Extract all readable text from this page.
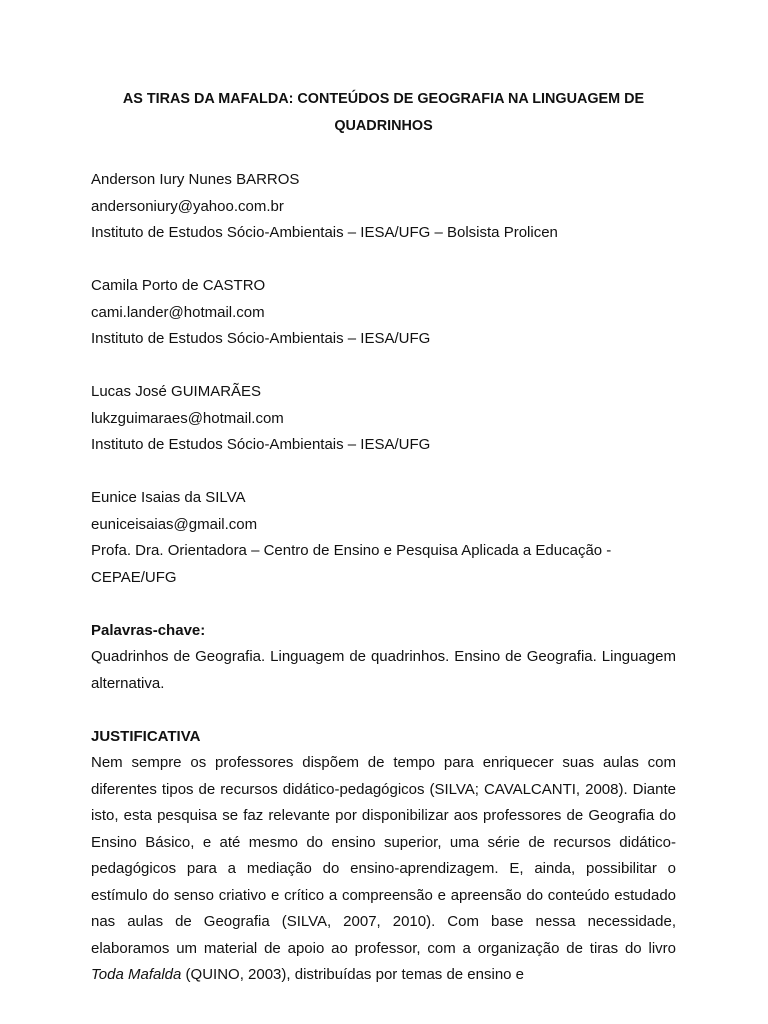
AS TIRAS DA MAFALDA: CONTEÚDOS DE GEOGRAFIA NA LINGUAGEM DE QUADRINHOS
Anderson Iury Nunes BARROS
andersoniury@yahoo.com.br
Instituto de Estudos Sócio-Ambientais – IESA/UFG – Bolsista Prolicen
Camila Porto de CASTRO
cami.lander@hotmail.com
Instituto de Estudos Sócio-Ambientais – IESA/UFG
Lucas José GUIMARÃES
lukzguimaraes@hotmail.com
Instituto de Estudos Sócio-Ambientais – IESA/UFG
Eunice Isaias da SILVA
euniceisaias@gmail.com
Profa. Dra. Orientadora – Centro de Ensino e Pesquisa Aplicada a Educação - CEPAE/UFG
Palavras-chave:
Quadrinhos de Geografia. Linguagem de quadrinhos. Ensino de Geografia. Linguagem alternativa.
JUSTIFICATIVA
Nem sempre os professores dispõem de tempo para enriquecer suas aulas com diferentes tipos de recursos didático-pedagógicos (SILVA; CAVALCANTI, 2008). Diante isto, esta pesquisa se faz relevante por disponibilizar aos professores de Geografia do Ensino Básico, e até mesmo do ensino superior, uma série de recursos didático-pedagógicos para a mediação do ensino-aprendizagem. E, ainda, possibilitar o estímulo do senso criativo e crítico a compreensão e apreensão do conteúdo estudado nas aulas de Geografia (SILVA, 2007, 2010). Com base nessa necessidade, elaboramos um material de apoio ao professor, com a organização de tiras do livro Toda Mafalda (QUINO, 2003), distribuídas por temas de ensino e
